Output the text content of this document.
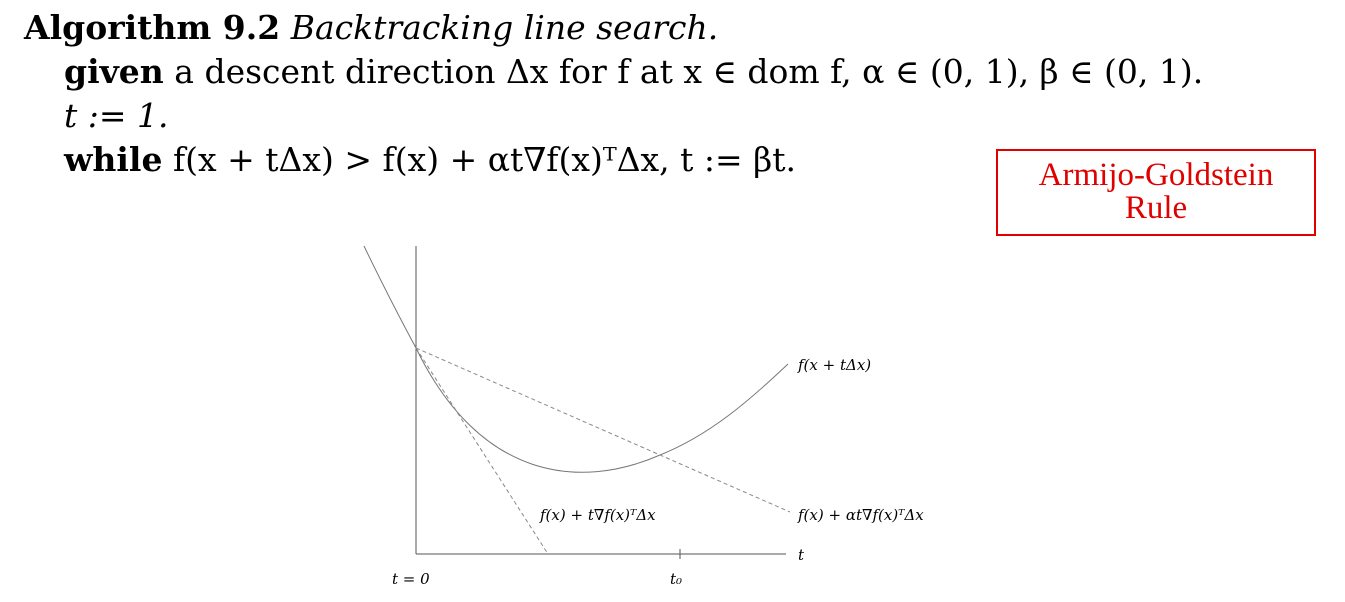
Algorithm 9.2 Backtracking line search.
given a descent direction Δx for f at x ∈ dom f, α ∈ (0, 1), β ∈ (0, 1).
t := 1.
while f(x + tΔx) > f(x) + αt∇f(x)ᵀΔx, t := βt.	Armijo-Goldstein
Rule
f(x + tΔx)
f(x) + t∇f(x)ᵀΔx	f(x) + αt∇f(x)ᵀΔx
t
t = 0	t₀
